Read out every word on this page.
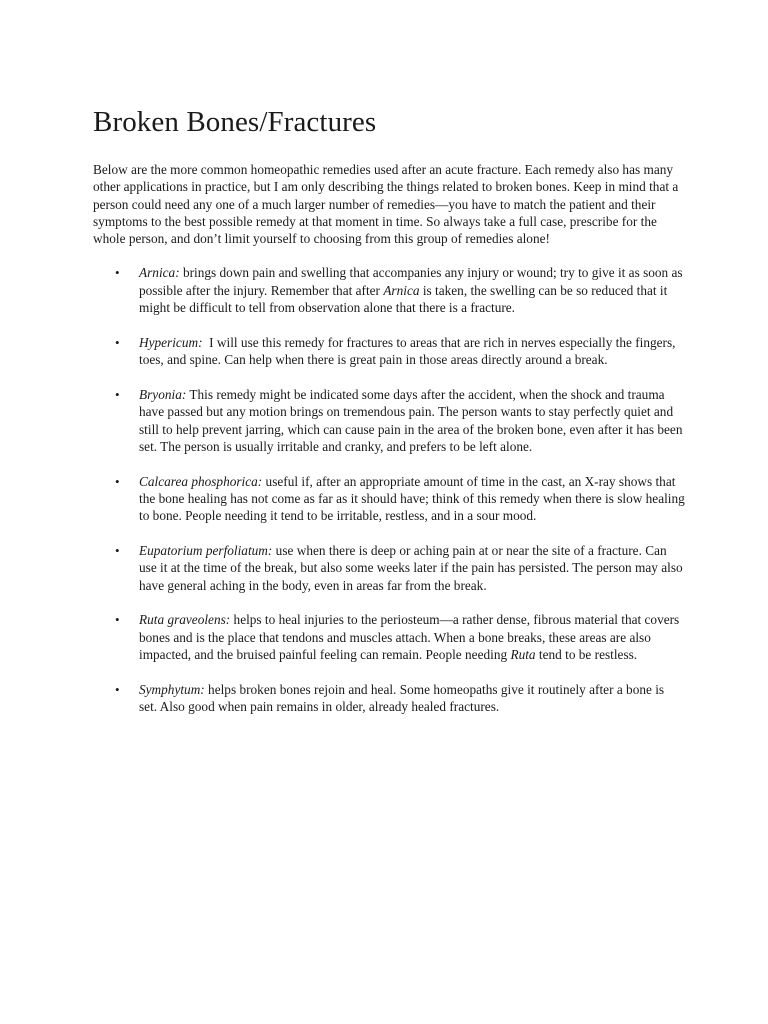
Broken Bones/Fractures

Below are the more common homeopathic remedies used after an acute fracture. Each remedy also has many other applications in practice, but I am only describing the things related to broken bones. Keep in mind that a person could need any one of a much larger number of remedies—you have to match the patient and their symptoms to the best possible remedy at that moment in time. So always take a full case, prescribe for the whole person, and don’t limit yourself to choosing from this group of remedies alone!

• Arnica: brings down pain and swelling that accompanies any injury or wound; try to give it as soon as possible after the injury. Remember that after Arnica is taken, the swelling can be so reduced that it might be difficult to tell from observation alone that there is a fracture.
• Hypericum:  I will use this remedy for fractures to areas that are rich in nerves especially the fingers, toes, and spine. Can help when there is great pain in those areas directly around a break.
• Bryonia: This remedy might be indicated some days after the accident, when the shock and trauma have passed but any motion brings on tremendous pain. The person wants to stay perfectly quiet and still to help prevent jarring, which can cause pain in the area of the broken bone, even after it has been set. The person is usually irritable and cranky, and prefers to be left alone.
• Calcarea phosphorica: useful if, after an appropriate amount of time in the cast, an X-ray shows that the bone healing has not come as far as it should have; think of this remedy when there is slow healing to bone. People needing it tend to be irritable, restless, and in a sour mood.
• Eupatorium perfoliatum: use when there is deep or aching pain at or near the site of a fracture. Can use it at the time of the break, but also some weeks later if the pain has persisted. The person may also have general aching in the body, even in areas far from the break.
• Ruta graveolens: helps to heal injuries to the periosteum—a rather dense, fibrous material that covers bones and is the place that tendons and muscles attach. When a bone breaks, these areas are also impacted, and the bruised painful feeling can remain. People needing Ruta tend to be restless.
• Symphytum: helps broken bones rejoin and heal. Some homeopaths give it routinely after a bone is set. Also good when pain remains in older, already healed fractures.
